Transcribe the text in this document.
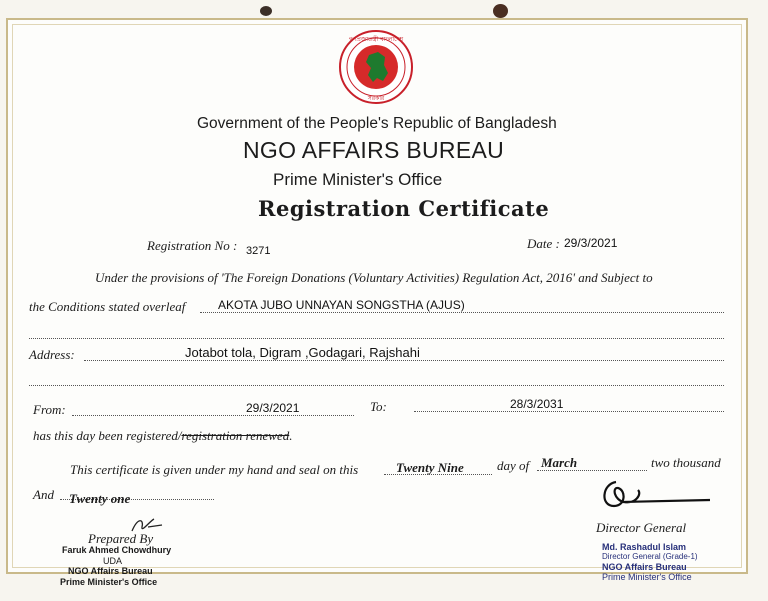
গণপ্রজাতন্ত্রী বাংলাদেশ
সরকার
Government of the People's Republic of Bangladesh
NGO AFFAIRS BUREAU
Prime Minister's Office
Registration Certificate
Registration No : 3271	Date : 29/3/2021
Under the provisions of 'The Foreign Donations (Voluntary Activities) Regulation Act, 2016' and Subject to
the Conditions stated overleaf	AKOTA JUBO UNNAYAN SONGSTHA (AJUS)
Address:	Jotabot tola, Digram ,Godagari, Rajshahi
From:	29/3/2021	To:	28/3/2031
has this day been registered/registration renewed.
This certificate is given under my hand and seal on this	Twenty Nine	day of March	two thousand
And Twenty one
Prepared By
Faruk Ahmed Chowdhury
UDA
NGO Affairs Bureau
Prime Minister's Office
Director General
Md. Rashadul Islam
Director General (Grade-1)
NGO Affairs Bureau
Prime Minister's Office
